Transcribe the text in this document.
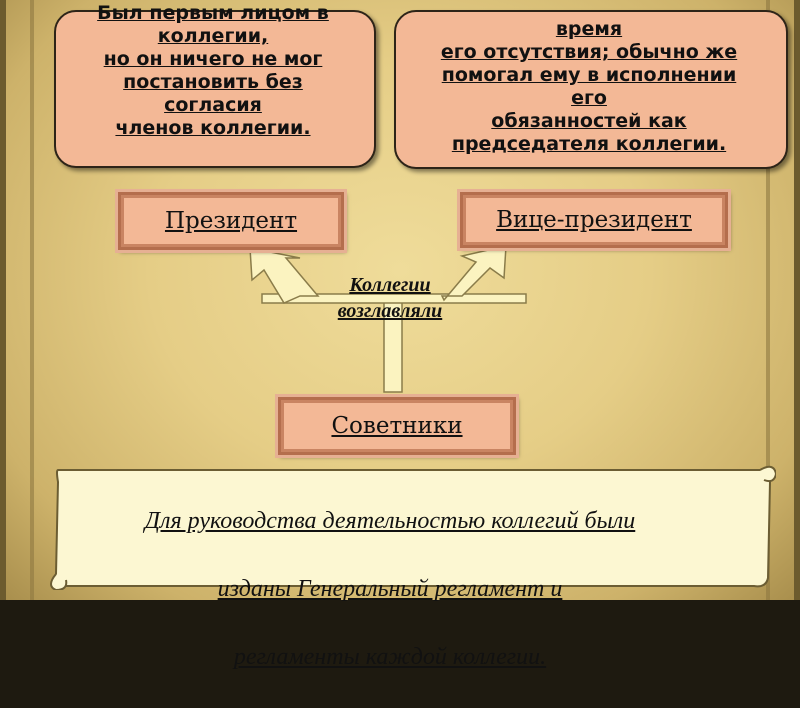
Был первым лицом в
коллегии,
но он ничего не мог
постановить без
согласия
членов коллегии.
время
его отсутствия; обычно же
помогал ему в исполнении
его
обязанностей как
председателя коллегии.
Президент	Вице-президент
Коллегии
возглавляли
Советники

Для руководства деятельностью коллегий были

изданы Генеральный регламент и

регламенты каждой коллегии.
